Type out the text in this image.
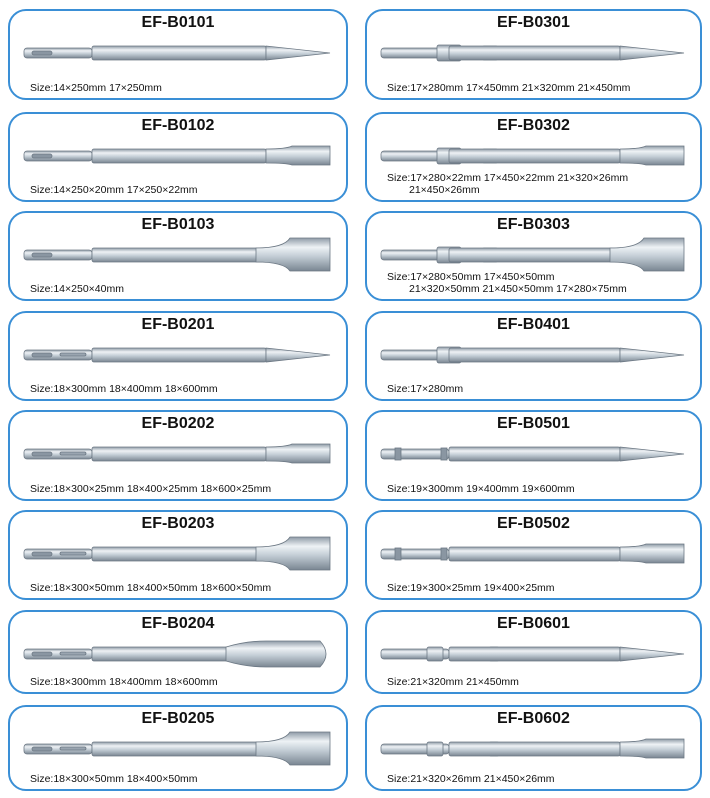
EF-B0101
Size:14×250mm 17×250mm
EF-B0301
Size:17×280mm 17×450mm 21×320mm 21×450mm
EF-B0102
Size:14×250×20mm 17×250×22mm
EF-B0302
Size:17×280×22mm 17×450×22mm 21×320×26mm
21×450×26mm
EF-B0103
Size:14×250×40mm
EF-B0303
Size:17×280×50mm 17×450×50mm
21×320×50mm 21×450×50mm 17×280×75mm
EF-B0201
Size:18×300mm 18×400mm 18×600mm
EF-B0401
Size:17×280mm
EF-B0202
Size:18×300×25mm 18×400×25mm 18×600×25mm
EF-B0501
Size:19×300mm 19×400mm 19×600mm
EF-B0203
Size:18×300×50mm 18×400×50mm 18×600×50mm
EF-B0502
Size:19×300×25mm 19×400×25mm
EF-B0204
Size:18×300mm 18×400mm 18×600mm
EF-B0601
Size:21×320mm 21×450mm
EF-B0205
Size:18×300×50mm 18×400×50mm
EF-B0602
Size:21×320×26mm 21×450×26mm
